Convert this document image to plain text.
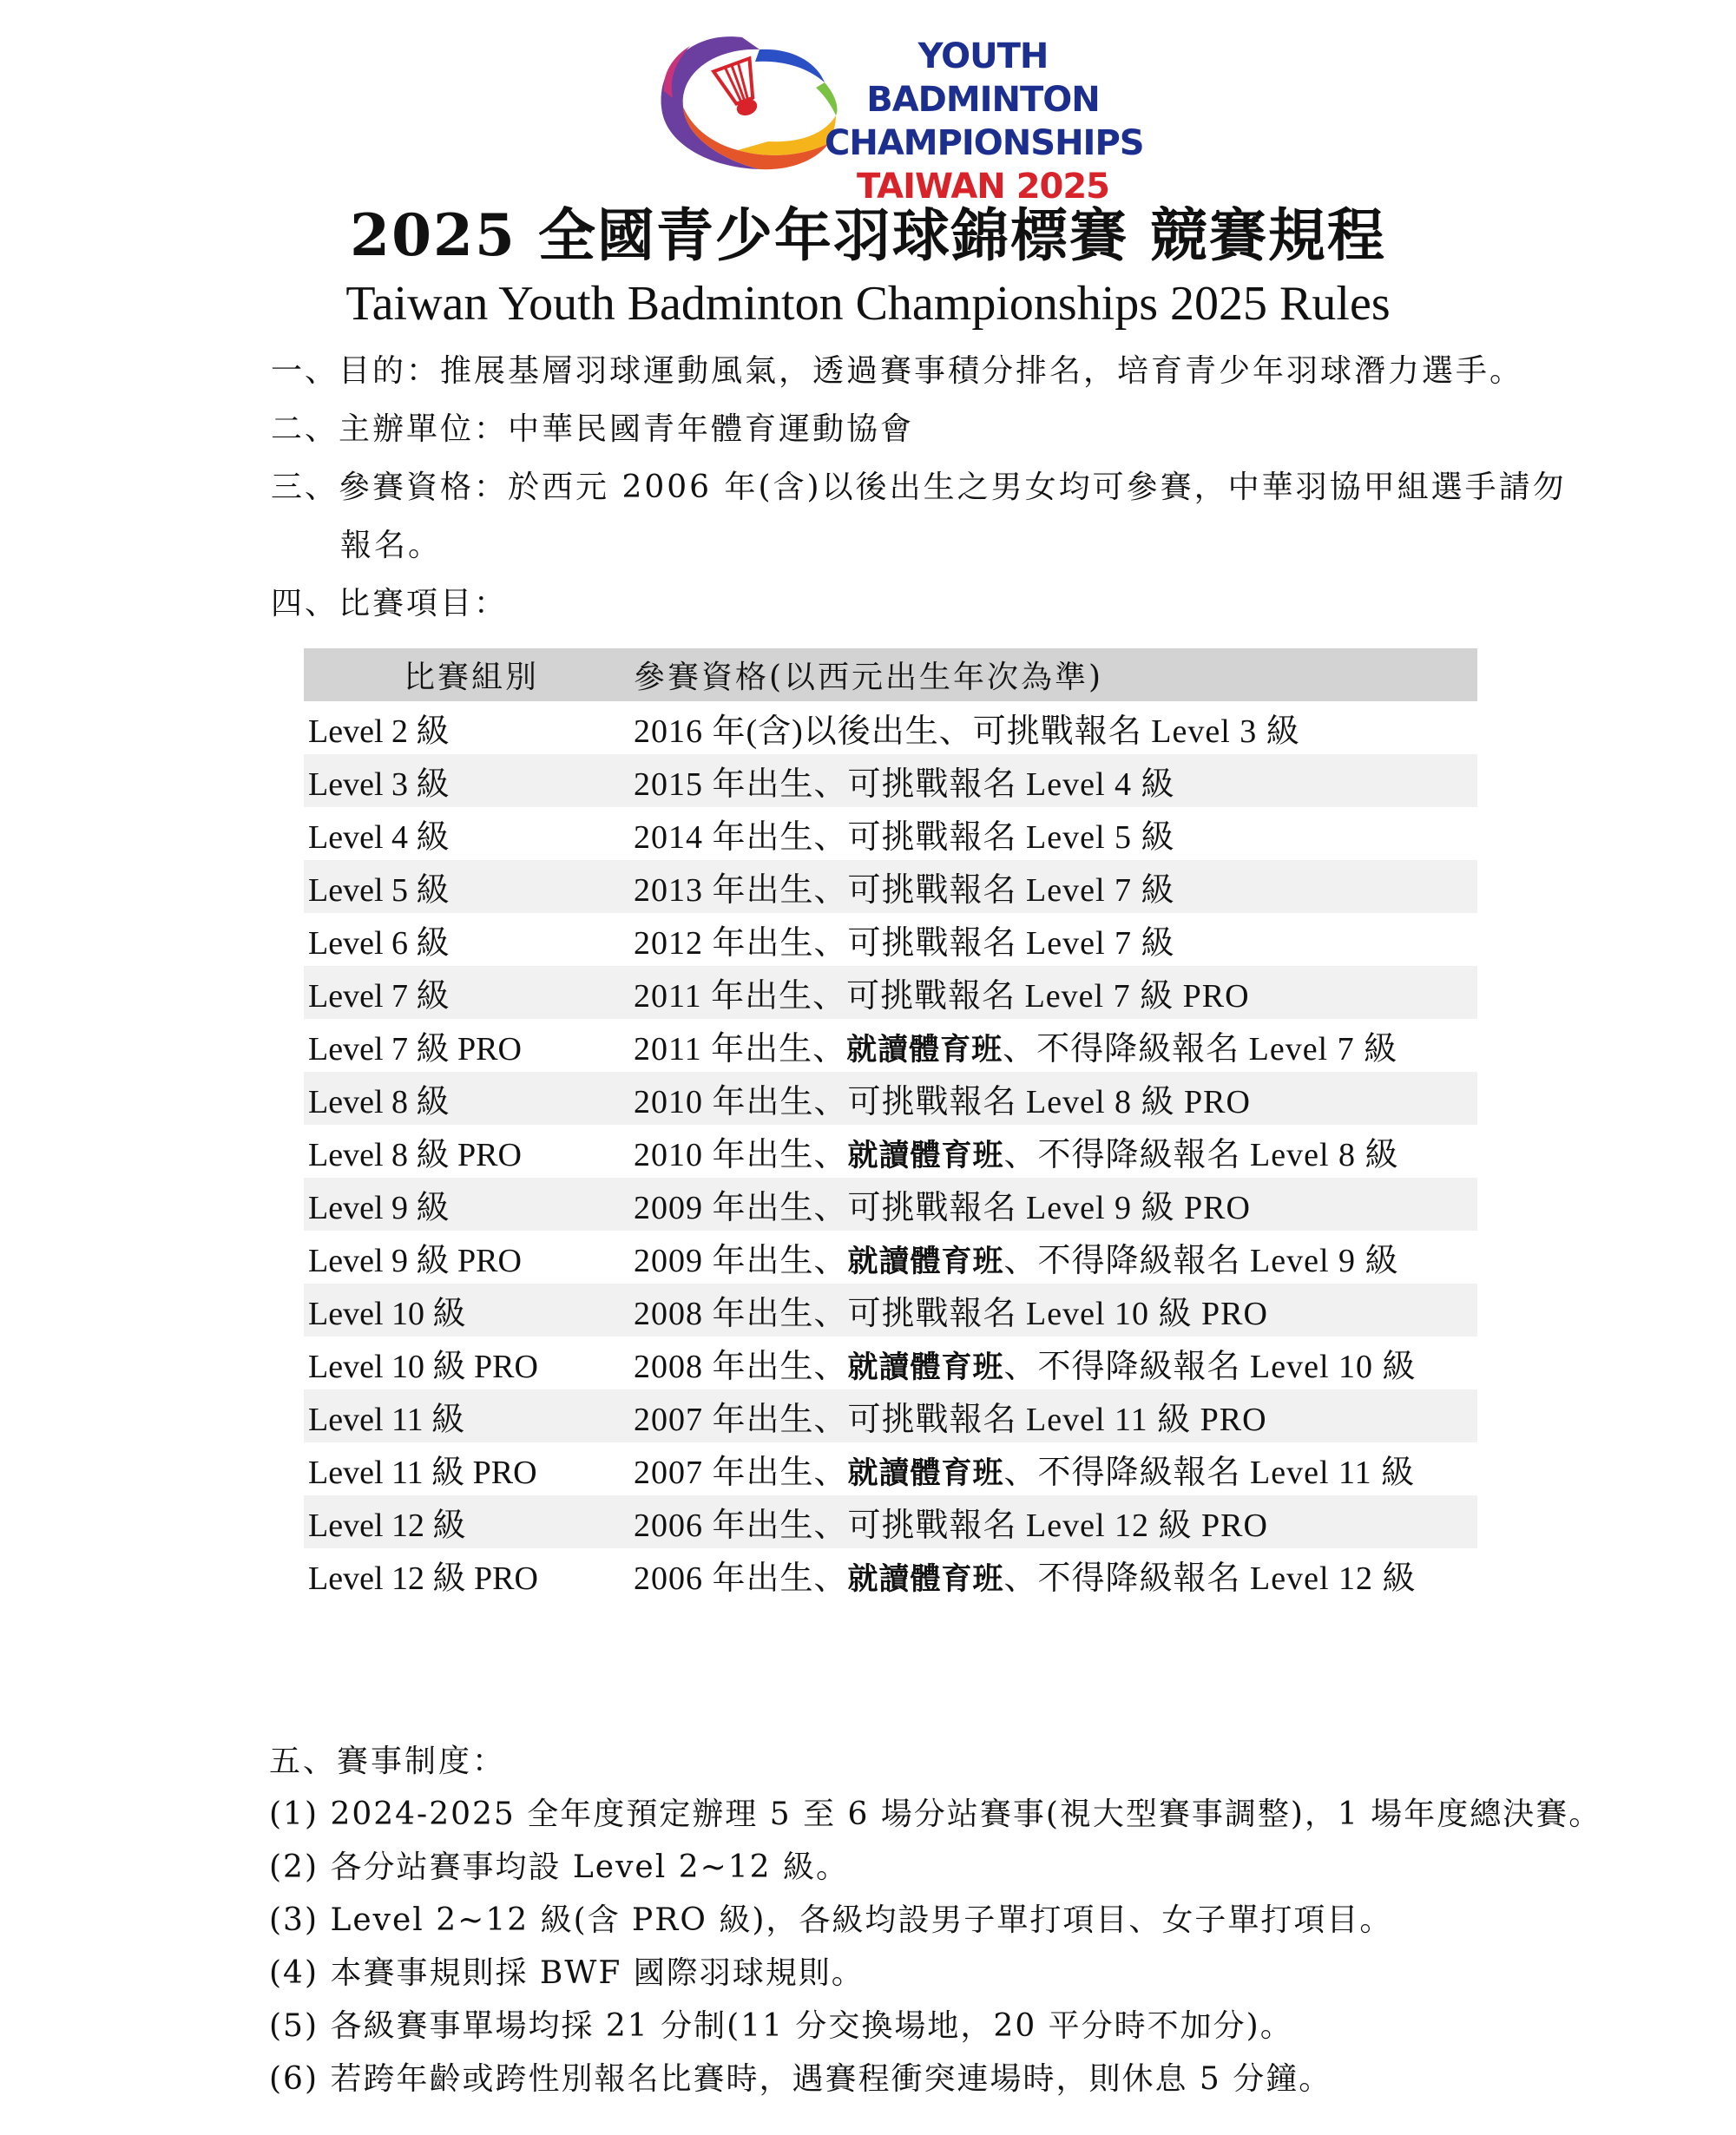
YOUTH BADMINTON
CHAMPIONSHIPS
TAIWAN 2025
2025 全國青少年羽球錦標賽 競賽規程
Taiwan Youth Badminton Championships 2025 Rules
一、目的：推展基層羽球運動風氣，透過賽事積分排名，培育青少年羽球潛力選手。
二、主辦單位：中華民國青年體育運動協會
三、參賽資格：於西元 2006 年(含)以後出生之男女均可參賽，中華羽協甲組選手請勿
報名。
四、比賽項目：
比賽組別	參賽資格(以西元出生年次為準)
Level 2 級	2016 年(含)以後出生、可挑戰報名 Level 3 級
Level 3 級	2015 年出生、可挑戰報名 Level 4 級
Level 4 級	2014 年出生、可挑戰報名 Level 5 級
Level 5 級	2013 年出生、可挑戰報名 Level 7 級
Level 6 級	2012 年出生、可挑戰報名 Level 7 級
Level 7 級	2011 年出生、可挑戰報名 Level 7 級 PRO
Level 7 級 PRO	2011 年出生、就讀體育班、不得降級報名 Level 7 級
Level 8 級	2010 年出生、可挑戰報名 Level 8 級 PRO
Level 8 級 PRO	2010 年出生、就讀體育班、不得降級報名 Level 8 級
Level 9 級	2009 年出生、可挑戰報名 Level 9 級 PRO
Level 9 級 PRO	2009 年出生、就讀體育班、不得降級報名 Level 9 級
Level 10 級	2008 年出生、可挑戰報名 Level 10 級 PRO
Level 10 級 PRO	2008 年出生、就讀體育班、不得降級報名 Level 10 級
Level 11 級	2007 年出生、可挑戰報名 Level 11 級 PRO
Level 11 級 PRO	2007 年出生、就讀體育班、不得降級報名 Level 11 級
Level 12 級	2006 年出生、可挑戰報名 Level 12 級 PRO
Level 12 級 PRO	2006 年出生、就讀體育班、不得降級報名 Level 12 級
五、賽事制度：
(1) 2024-2025 全年度預定辦理 5 至 6 場分站賽事(視大型賽事調整)，1 場年度總決賽。
(2) 各分站賽事均設 Level 2~12 級。
(3) Level 2~12 級(含 PRO 級)，各級均設男子單打項目、女子單打項目。
(4) 本賽事規則採 BWF 國際羽球規則。
(5) 各級賽事單場均採 21 分制(11 分交換場地，20 平分時不加分)。
(6) 若跨年齡或跨性別報名比賽時，遇賽程衝突連場時，則休息 5 分鐘。
